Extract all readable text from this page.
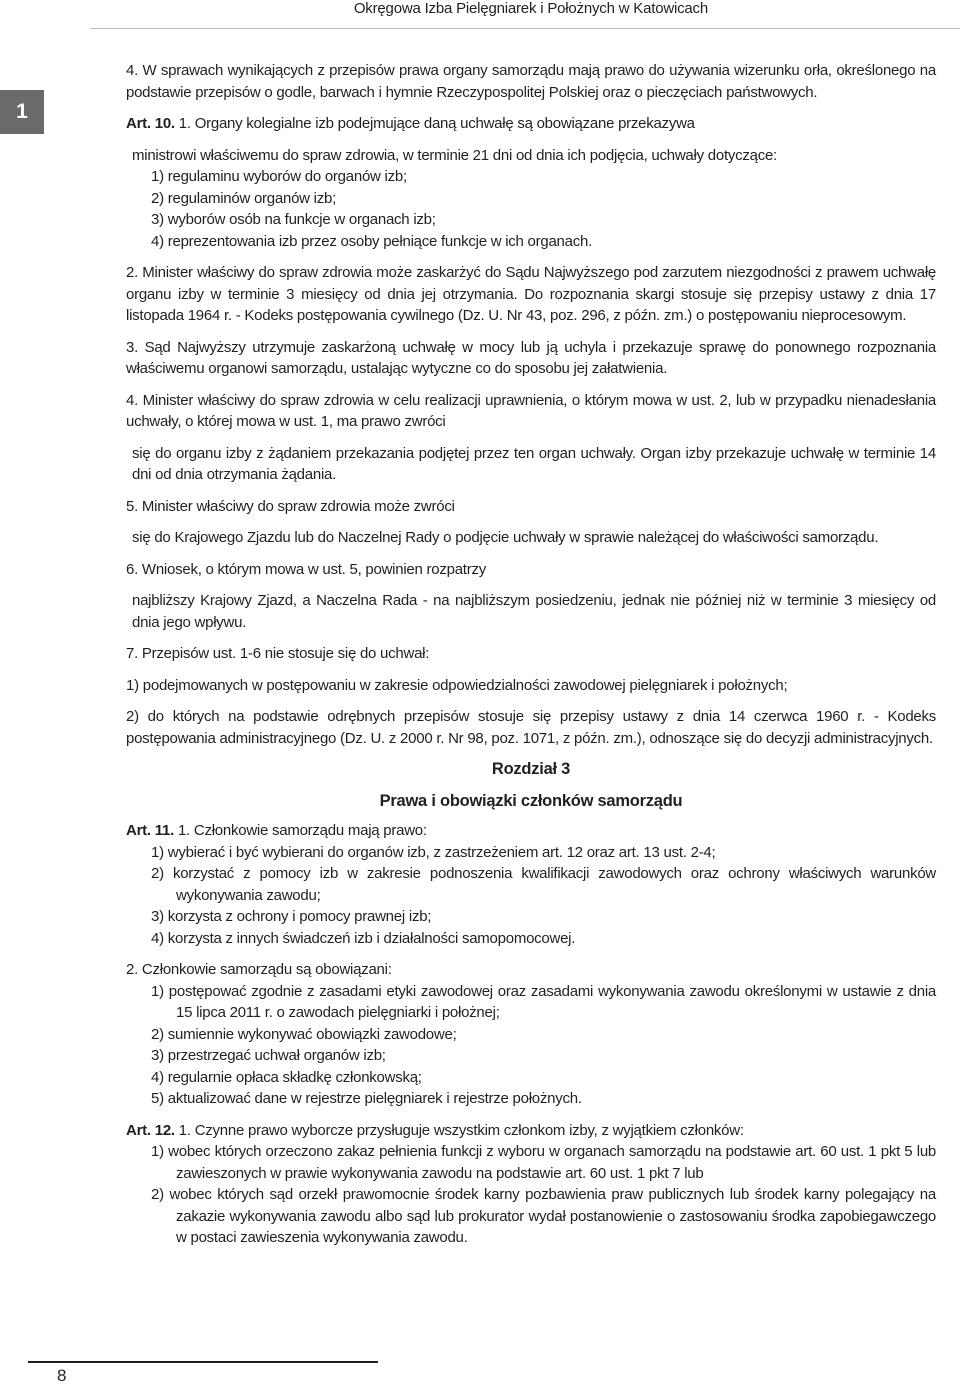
Okręgowa Izba Pielęgniarek i Położnych w Katowicach
1

4. W sprawach wynikających z przepisów prawa organy samorządu mają prawo do używania wizerunku orła, określonego na podstawie przepisów o godle, barwach i hymnie Rzeczypospolitej Polskiej oraz o pieczęciach państwowych.

Art. 10. 1. Organy kolegialne izb podejmujące daną uchwałę są obowiązane przekazywa

ministrowi właściwemu do spraw zdrowia, w terminie 21 dni od dnia ich podjęcia, uchwały dotyczące:

1) regulaminu wyborów do organów izb;
2) regulaminów organów izb;
3) wyborów osób na funkcje w organach izb;
4) reprezentowania izb przez osoby pełniące funkcje w ich organach.

2. Minister właściwy do spraw zdrowia może zaskarżyć do Sądu Najwyższego pod zarzutem niezgodności z prawem uchwałę organu izby w terminie 3 miesięcy od dnia jej otrzymania. Do rozpoznania skargi stosuje się przepisy ustawy z dnia 17 listopada 1964 r. - Kodeks postępowania cywilnego (Dz. U. Nr 43, poz. 296, z późn. zm.) o postępowaniu nieprocesowym.

3. Sąd Najwyższy utrzymuje zaskarżoną uchwałę w mocy lub ją uchyla i przekazuje sprawę do ponownego rozpoznania właściwemu organowi samorządu, ustalając wytyczne co do sposobu jej załatwienia.

4. Minister właściwy do spraw zdrowia w celu realizacji uprawnienia, o którym mowa w ust. 2, lub w przypadku nienadesłania uchwały, o której mowa w ust. 1, ma prawo zwróci

się do organu izby z żądaniem przekazania podjętej przez ten organ uchwały. Organ izby przekazuje uchwałę w terminie 14 dni od dnia otrzymania żądania.

5. Minister właściwy do spraw zdrowia może zwróci

się do Krajowego Zjazdu lub do Naczelnej Rady o podjęcie uchwały w sprawie należącej do właściwości samorządu.

6. Wniosek, o którym mowa w ust. 5, powinien rozpatrzy

najbliższy Krajowy Zjazd, a Naczelna Rada - na najbliższym posiedzeniu, jednak nie później niż w terminie 3 miesięcy od dnia jego wpływu.

7. Przepisów ust. 1-6 nie stosuje się do uchwał:

1) podejmowanych w postępowaniu w zakresie odpowiedzialności zawodowej pielęgniarek i położnych;

2) do których na podstawie odrębnych przepisów stosuje się przepisy ustawy z dnia 14 czerwca 1960 r. - Kodeks postępowania administracyjnego (Dz. U. z 2000 r. Nr 98, poz. 1071, z późn. zm.), odnoszące się do decyzji administracyjnych.

Rozdział 3

Prawa i obowiązki członków samorządu

Art. 11. 1. Członkowie samorządu mają prawo:

1) wybierać i być wybierani do organów izb, z zastrzeżeniem art. 12 oraz art. 13 ust. 2-4;
2) korzystać z pomocy izb w zakresie podnoszenia kwalifikacji zawodowych oraz ochrony właściwych warunków wykonywania zawodu;
3) korzysta z ochrony i pomocy prawnej izb;
4) korzysta z innych świadczeń izb i działalności samopomocowej.

2. Członkowie samorządu są obowiązani:

1) postępować zgodnie z zasadami etyki zawodowej oraz zasadami wykonywania zawodu określonymi w ustawie z dnia 15 lipca 2011 r. o zawodach pielęgniarki i położnej;
2) sumiennie wykonywać obowiązki zawodowe;
3) przestrzegać uchwał organów izb;
4) regularnie opłaca składkę członkowską;
5) aktualizować dane w rejestrze pielęgniarek i rejestrze położnych.

Art. 12. 1. Czynne prawo wyborcze przysługuje wszystkim członkom izby, z wyjątkiem członków:

1) wobec których orzeczono zakaz pełnienia funkcji z wyboru w organach samorządu na podstawie art. 60 ust. 1 pkt 5 lub zawieszonych w prawie wykonywania zawodu na podstawie art. 60 ust. 1 pkt 7 lub
2) wobec których sąd orzekł prawomocnie środek karny pozbawienia praw publicznych lub środek karny polegający na zakazie wykonywania zawodu albo sąd lub prokurator wydał postanowienie o zastosowaniu środka zapobiegawczego w postaci zawieszenia wykonywania zawodu.
8
